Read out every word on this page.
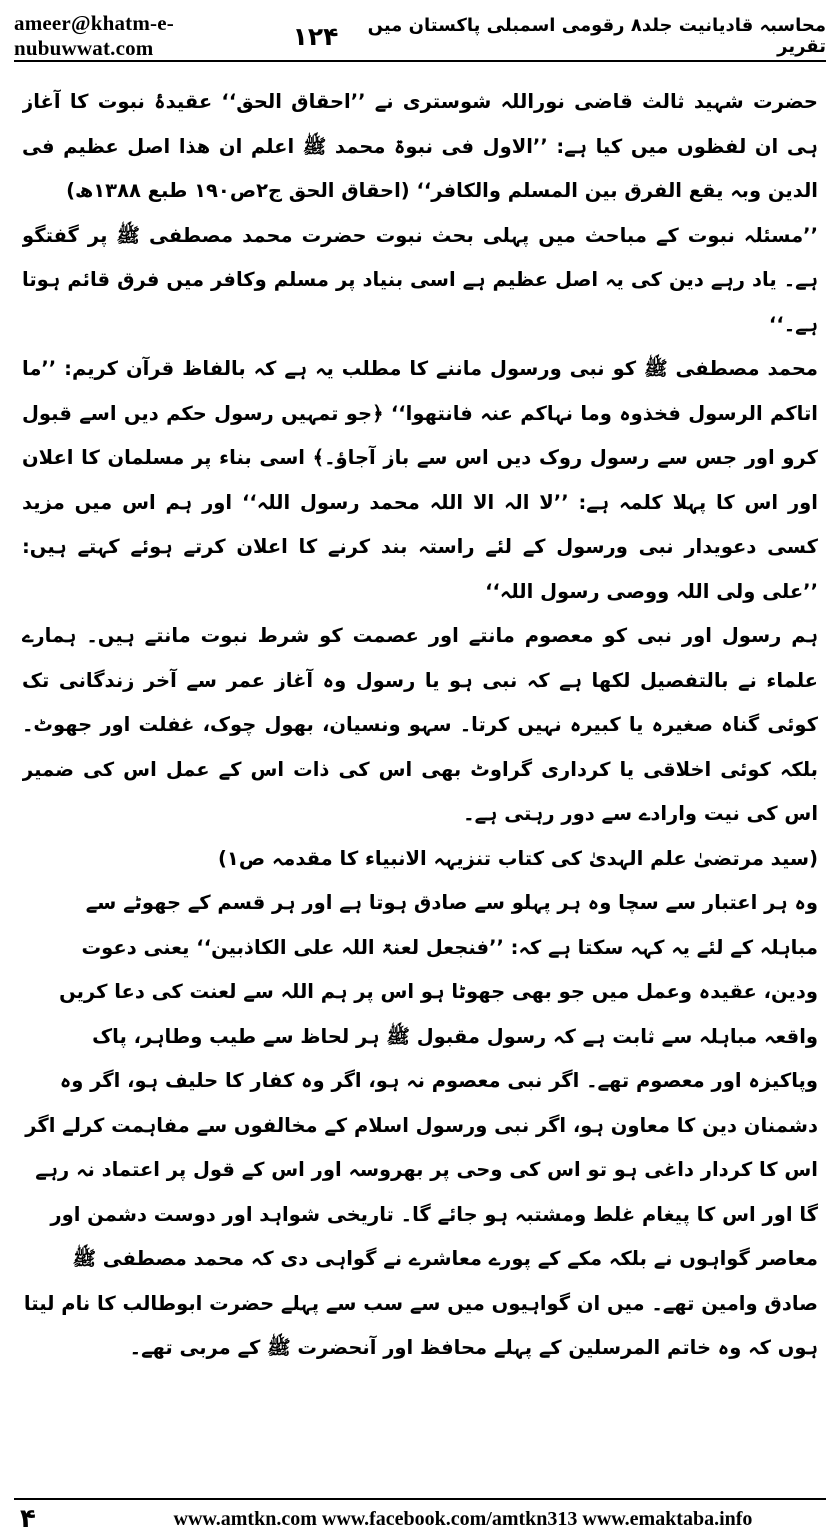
ameer@khatm-e-nubuwwat.com
محاسبہ قادیانیت جلد۸ رقومی اسمبلی پاکستان میں تقریر
۱۲۴

حضرت شہید ثالث قاضی نوراللہ شوستری نے ’’احقاق الحق‘‘ عقیدۂ نبوت کا آغاز ہی ان لفظوں میں کیا ہے: ’’الاول فی نبوۃ محمد ﷺ اعلم ان ھذا اصل عظیم فی الدین وبہ یقع الفرق بین المسلم والکافر‘‘ (احقاق الحق ج۲ص۱۹۰ طبع ۱۳۸۸ھ)

’’مسئلہ نبوت کے مباحث میں پہلی بحث نبوت حضرت محمد مصطفی ﷺ پر گفتگو ہے۔ یاد رہے دین کی یہ اصل عظیم ہے اسی بنیاد پر مسلم وکافر میں فرق قائم ہوتا ہے۔‘‘

محمد مصطفی ﷺ کو نبی ورسول ماننے کا مطلب یہ ہے کہ بالفاظ قرآن کریم: ’’ما اتاکم الرسول فخذوہ وما نہاکم عنہ فانتھوا‘‘ ﴿جو تمہیں رسول حکم دیں اسے قبول کرو اور جس سے رسول روک دیں اس سے باز آجاؤ۔﴾ اسی بناء پر مسلمان کا اعلان اور اس کا پہلا کلمہ ہے: ’’لا الہ الا اللہ محمد رسول اللہ‘‘ اور ہم اس میں مزید کسی دعویدار نبی ورسول کے لئے راستہ بند کرنے کا اعلان کرتے ہوئے کہتے ہیں: ’’علی ولی اللہ ووصی رسول اللہ‘‘

ہم رسول اور نبی کو معصوم مانتے اور عصمت کو شرط نبوت مانتے ہیں۔ ہمارے علماء نے بالتفصیل لکھا ہے کہ نبی ہو یا رسول وہ آغاز عمر سے آخر زندگانی تک کوئی گناہ صغیرہ یا کبیرہ نہیں کرتا۔ سہو ونسیان، بھول چوک، غفلت اور جھوٹ۔ بلکہ کوئی اخلاقی یا کرداری گراوٹ بھی اس کی ذات اس کے عمل اس کی ضمیر اس کی نیت وارادے سے دور رہتی ہے۔

(سید مرتضیٰ علم الہدیٰ کی کتاب تنزیہہ الانبیاء کا مقدمہ ص۱)

وہ ہر اعتبار سے سچا وہ ہر پہلو سے صادق ہوتا ہے اور ہر قسم کے جھوٹے سے مباہلہ کے لئے یہ کہہ سکتا ہے کہ: ’’فنجعل لعنۃ اللہ علی الکاذبین‘‘ یعنی دعوت ودین، عقیدہ وعمل میں جو بھی جھوٹا ہو اس پر ہم اللہ سے لعنت کی دعا کریں واقعہ مباہلہ سے ثابت ہے کہ رسول مقبول ﷺ ہر لحاظ سے طیب وطاہر، پاک وپاکیزہ اور معصوم تھے۔ اگر نبی معصوم نہ ہو، اگر وہ کفار کا حلیف ہو، اگر وہ دشمنان دین کا معاون ہو، اگر نبی ورسول اسلام کے مخالفوں سے مفاہمت کرلے اگر اس کا کردار داغی ہو تو اس کی وحی پر بھروسہ اور اس کے قول پر اعتماد نہ رہے گا اور اس کا پیغام غلط ومشتبہ ہو جائے گا۔ تاریخی شواہد اور دوست دشمن اور معاصر گواہوں نے بلکہ مکے کے پورے معاشرے نے گواہی دی کہ محمد مصطفی ﷺ صادق وامین تھے۔ میں ان گواہیوں میں سے سب سے پہلے حضرت ابوطالب کا نام لیتا ہوں کہ وہ خاتم المرسلین کے پہلے محافظ اور آنحضرت ﷺ کے مربی تھے۔

۴	www.amtkn.com www.facebook.com/amtkn313 www.emaktaba.info
